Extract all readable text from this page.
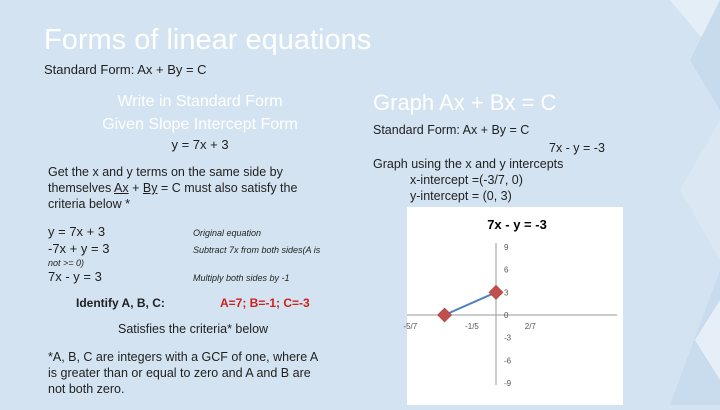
Forms of linear equations
Standard Form: Ax + By = C
Write in Standard Form
Given Slope Intercept Form
y = 7x + 3
Get the x and y terms on the same side by
themselves Ax + By = C must also satisfy the
criteria below *
y = 7x + 3	Original equation
-7x + y = 3	Subtract 7x from both sides(A is
not >= 0)
7x - y = 3	Multiply both sides by -1
Identify A, B, C:	A=7; B=-1; C=-3
Satisfies the criteria* below
*A, B, C are integers with a GCF of one, where A
is greater than or equal to zero and A and B are
not both zero.
Graph Ax + Bx = C
Standard Form: Ax + By = C
7x - y = -3
Graph using the x and y intercepts
x-intercept =(-3/7, 0)
y-intercept = (0, 3)
7x - y = -3
9
6
3
0
-3
-6
-9
-5/7	-1/5	2/7
